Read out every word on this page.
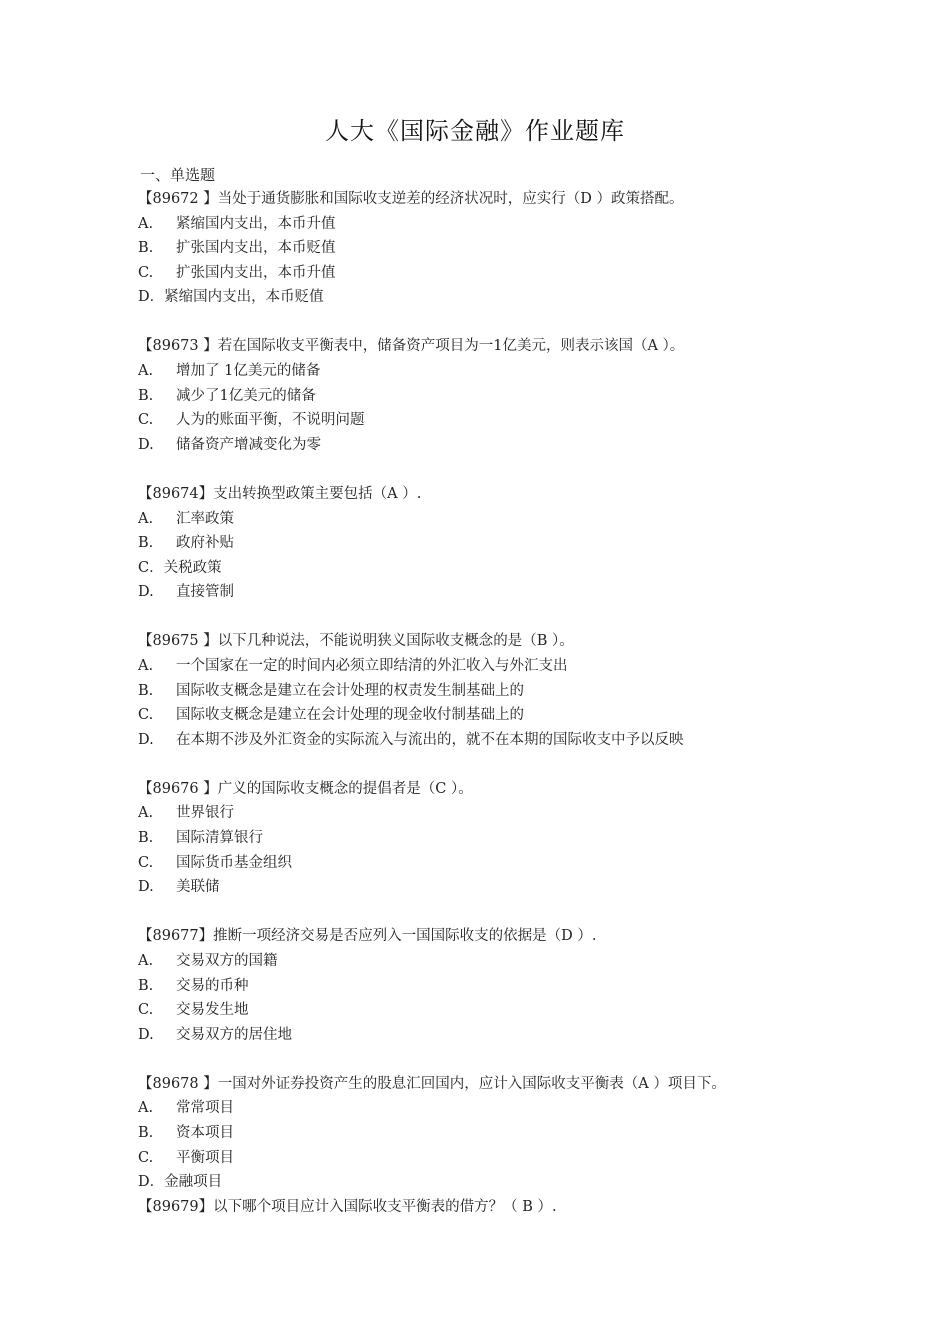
人大《国际金融》作业题库
一、单选题
【89672 】当处于通货膨胀和国际收支逆差的经济状况时，应实行（D ）政策搭配。
A. 紧缩国内支出，本币升值
B. 扩张国内支出，本币贬值
C. 扩张国内支出，本币升值
D．紧缩国内支出，本币贬值
【89673 】若在国际收支平衡表中，储备资产项目为一1亿美元，则表示该国（A ）。
A. 增加了 1亿美元的储备
B. 减少了1亿美元的储备
C. 人为的账面平衡，不说明问题
D. 储备资产增减变化为零
【89674】支出转换型政策主要包括（A ）.
A. 汇率政策
B. 政府补贴
C．关税政策
D. 直接管制
【89675 】以下几种说法，不能说明狭义国际收支概念的是（B ）。
A. 一个国家在一定的时间内必须立即结清的外汇收入与外汇支出
B. 国际收支概念是建立在会计处理的权责发生制基础上的
C. 国际收支概念是建立在会计处理的现金收付制基础上的
D. 在本期不涉及外汇资金的实际流入与流出的，就不在本期的国际收支中予以反映
【89676 】广义的国际收支概念的提倡者是（C ）。
A. 世界银行
B. 国际清算银行
C. 国际货币基金组织
D. 美联储
【89677】推断一项经济交易是否应列入一国国际收支的依据是（D ）.
A. 交易双方的国籍
B. 交易的币种
C. 交易发生地
D. 交易双方的居住地
【89678 】一国对外证券投资产生的股息汇回国内，应计入国际收支平衡表（A ）项目下。
A. 常常项目
B. 资本项目
C. 平衡项目
D．金融项目
【89679】以下哪个项目应计入国际收支平衡表的借方？（ B ）.
